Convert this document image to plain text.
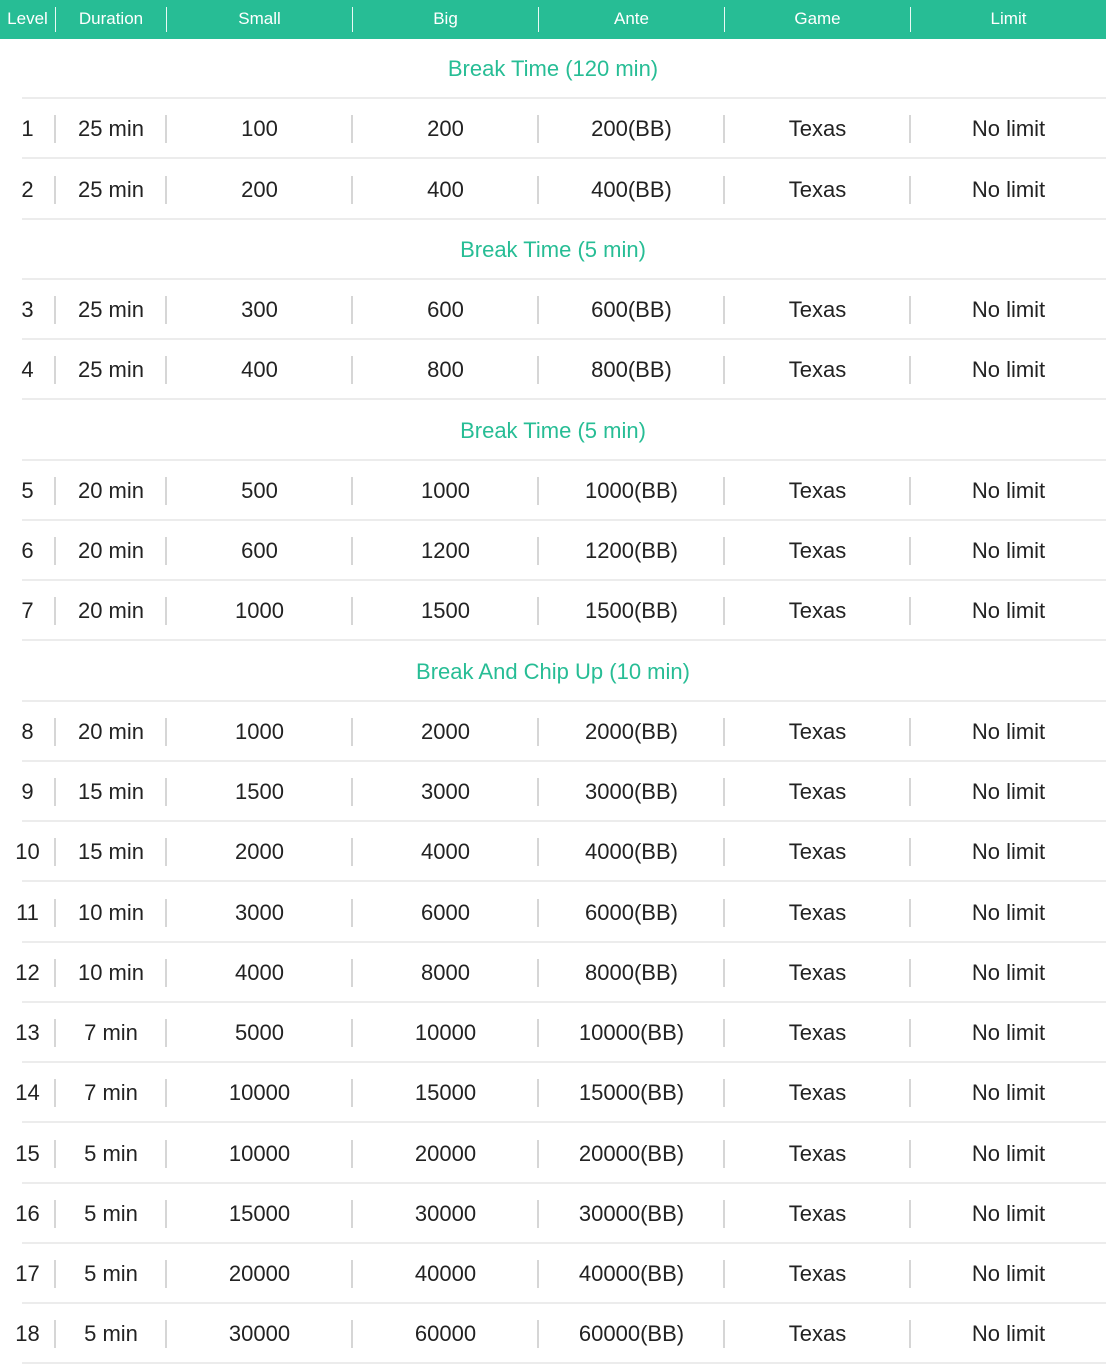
Level	Duration	Small	Big	Ante	Game	Limit
Break Time (120 min)
1	25 min	100	200	200(BB)	Texas	No limit
2	25 min	200	400	400(BB)	Texas	No limit
Break Time (5 min)
3	25 min	300	600	600(BB)	Texas	No limit
4	25 min	400	800	800(BB)	Texas	No limit
Break Time (5 min)
5	20 min	500	1000	1000(BB)	Texas	No limit
6	20 min	600	1200	1200(BB)	Texas	No limit
7	20 min	1000	1500	1500(BB)	Texas	No limit
Break And Chip Up (10 min)
8	20 min	1000	2000	2000(BB)	Texas	No limit
9	15 min	1500	3000	3000(BB)	Texas	No limit
10	15 min	2000	4000	4000(BB)	Texas	No limit
11	10 min	3000	6000	6000(BB)	Texas	No limit
12	10 min	4000	8000	8000(BB)	Texas	No limit
13	7 min	5000	10000	10000(BB)	Texas	No limit
14	7 min	10000	15000	15000(BB)	Texas	No limit
15	5 min	10000	20000	20000(BB)	Texas	No limit
16	5 min	15000	30000	30000(BB)	Texas	No limit
17	5 min	20000	40000	40000(BB)	Texas	No limit
18	5 min	30000	60000	60000(BB)	Texas	No limit
